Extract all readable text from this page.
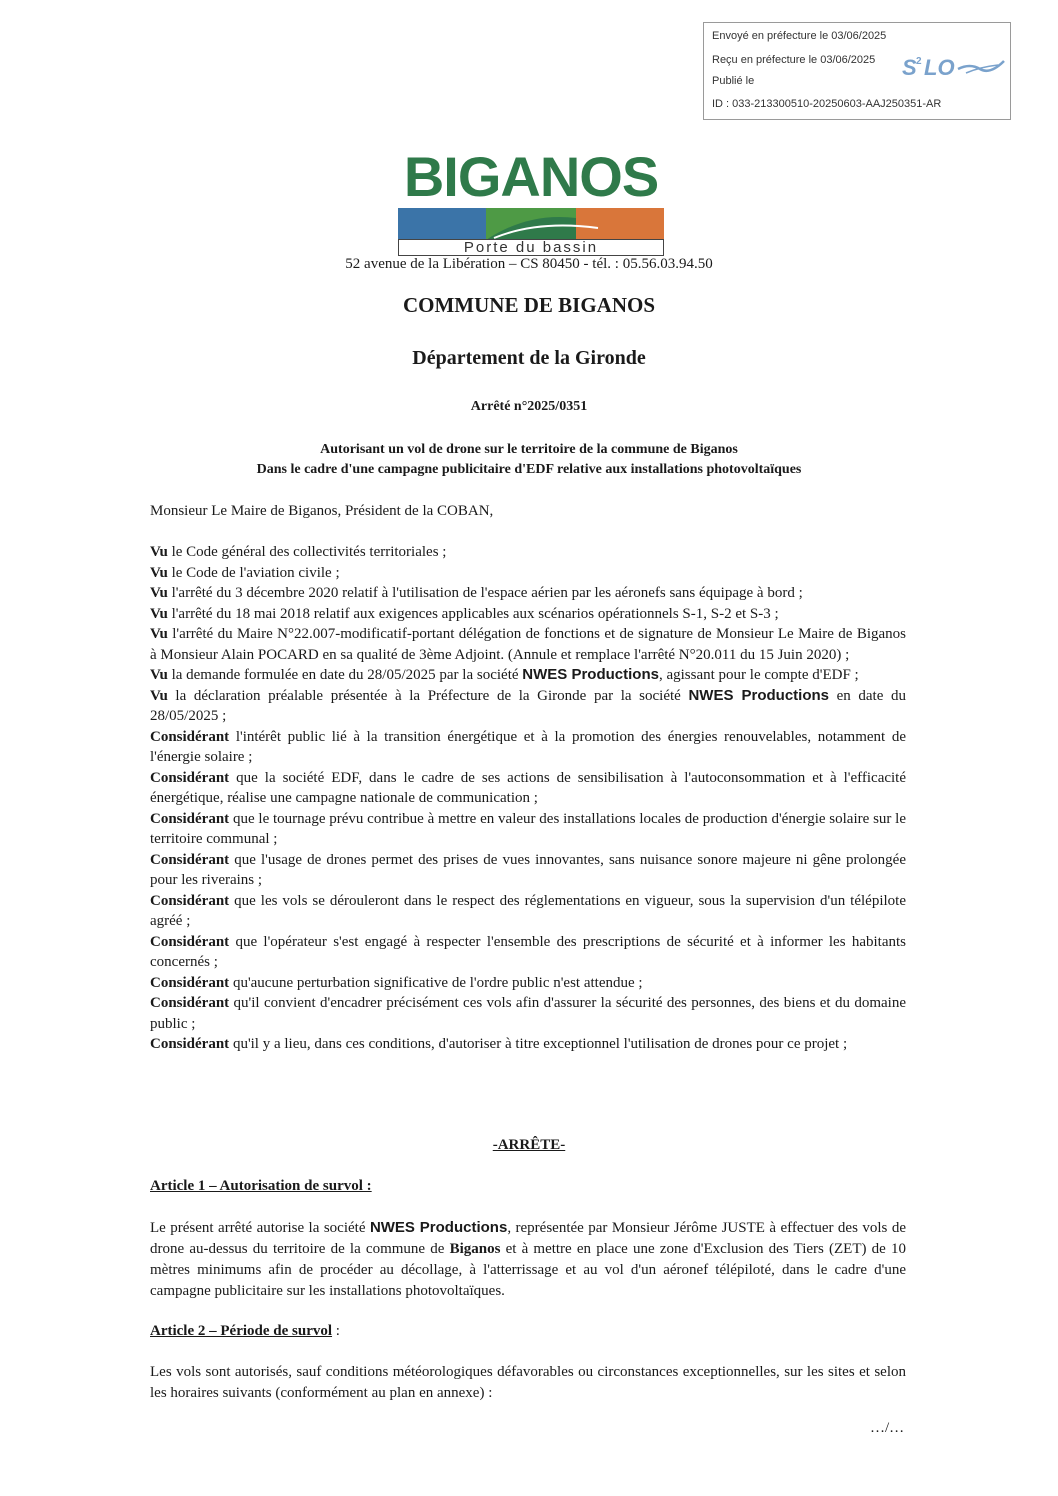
Envoyé en préfecture le 03/06/2025
Reçu en préfecture le 03/06/2025
Publié le
ID : 033-213300510-20250603-AAJ250351-AR
S 2 LO
BIGANOS
Porte du bassin
52 avenue de la Libération – CS 80450 - tél. : 05.56.03.94.50
COMMUNE DE BIGANOS
Département de la Gironde
Arrêté n°2025/0351
Autorisant un vol de drone sur le territoire de la commune de Biganos
Dans le cadre d'une campagne publicitaire d'EDF relative aux installations photovoltaïques
Monsieur Le Maire de Biganos, Président de la COBAN,

Vu le Code général des collectivités territoriales ;

Vu le Code de l'aviation civile ;

Vu l'arrêté du 3 décembre 2020 relatif à l'utilisation de l'espace aérien par les aéronefs sans équipage à bord ;

Vu l'arrêté du 18 mai 2018 relatif aux exigences applicables aux scénarios opérationnels S-1, S-2 et S-3 ;

Vu l'arrêté du Maire N°22.007-modificatif-portant délégation de fonctions et de signature de Monsieur Le Maire de Biganos à Monsieur Alain POCARD en sa qualité de 3ème Adjoint. (Annule et remplace l'arrêté N°20.011 du 15 Juin 2020) ;

Vu la demande formulée en date du 28/05/2025 par la société NWES Productions, agissant pour le compte d'EDF ;

Vu la déclaration préalable présentée à la Préfecture de la Gironde par la société NWES Productions en date du 28/05/2025 ;

Considérant l'intérêt public lié à la transition énergétique et à la promotion des énergies renouvelables, notamment de l'énergie solaire ;

Considérant que la société EDF, dans le cadre de ses actions de sensibilisation à l'autoconsommation et à l'efficacité énergétique, réalise une campagne nationale de communication ;

Considérant que le tournage prévu contribue à mettre en valeur des installations locales de production d'énergie solaire sur le territoire communal ;

Considérant que l'usage de drones permet des prises de vues innovantes, sans nuisance sonore majeure ni gêne prolongée pour les riverains ;

Considérant que les vols se dérouleront dans le respect des réglementations en vigueur, sous la supervision d'un télépilote agréé ;

Considérant que l'opérateur s'est engagé à respecter l'ensemble des prescriptions de sécurité et à informer les habitants concernés ;

Considérant qu'aucune perturbation significative de l'ordre public n'est attendue ;

Considérant qu'il convient d'encadrer précisément ces vols afin d'assurer la sécurité des personnes, des biens et du domaine public ;

Considérant qu'il y a lieu, dans ces conditions, d'autoriser à titre exceptionnel l'utilisation de drones pour ce projet ;

-ARRÊTE-
Article 1 – Autorisation de survol :
Le présent arrêté autorise la société NWES Productions, représentée par Monsieur Jérôme JUSTE à effectuer des vols de drone au-dessus du territoire de la commune de Biganos et à mettre en place une zone d'Exclusion des Tiers (ZET) de 10 mètres minimums afin de procéder au décollage, à l'atterrissage et au vol d'un aéronef télépiloté, dans le cadre d'une campagne publicitaire sur les installations photovoltaïques.
Article 2 – Période de survol :
Les vols sont autorisés, sauf conditions météorologiques défavorables ou circonstances exceptionnelles, sur les sites et selon les horaires suivants (conformément au plan en annexe) :
…/…
